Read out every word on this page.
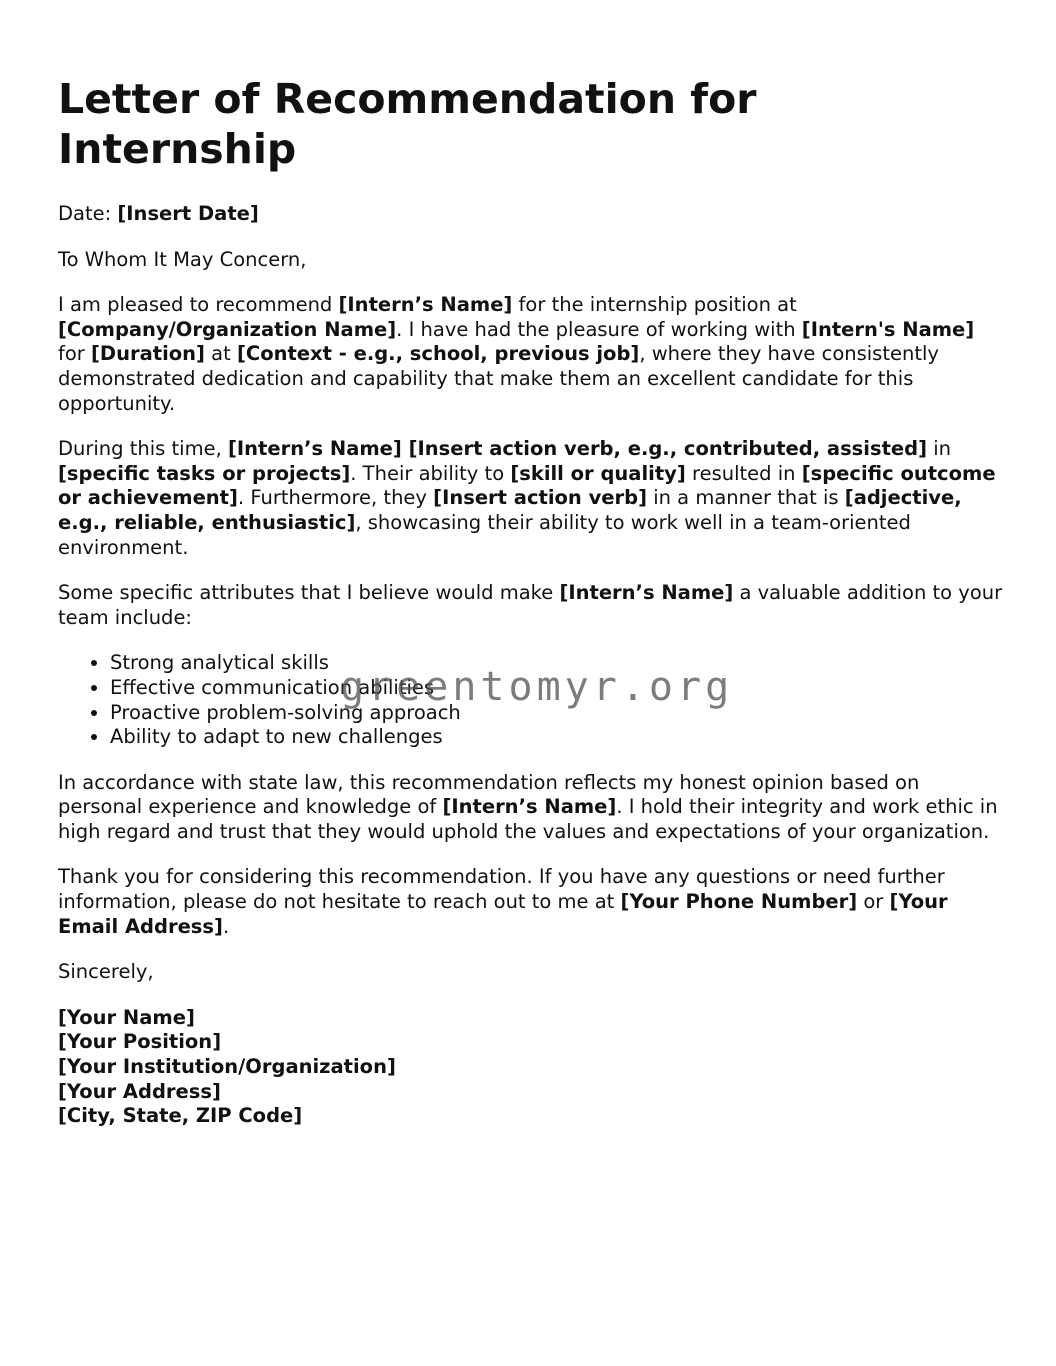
Letter of Recommendation for Internship

Date: [Insert Date]

To Whom It May Concern,

I am pleased to recommend [Intern’s Name] for the internship position at [Company/Organization Name]. I have had the pleasure of working with [Intern's Name] for [Duration] at [Context - e.g., school, previous job], where they have consistently demonstrated dedication and capability that make them an excellent candidate for this opportunity.

During this time, [Intern’s Name] [Insert action verb, e.g., contributed, assisted] in [specific tasks or projects]. Their ability to [skill or quality] resulted in [specific outcome or achievement]. Furthermore, they [Insert action verb] in a manner that is [adjective, e.g., reliable, enthusiastic], showcasing their ability to work well in a team-oriented environment.

Some specific attributes that I believe would make [Intern’s Name] a valuable addition to your team include:

• Strong analytical skills
• Effective communication abilities
• Proactive problem-solving approach
• Ability to adapt to new challenges

In accordance with state law, this recommendation reflects my honest opinion based on personal experience and knowledge of [Intern’s Name]. I hold their integrity and work ethic in high regard and trust that they would uphold the values and expectations of your organization.

Thank you for considering this recommendation. If you have any questions or need further information, please do not hesitate to reach out to me at [Your Phone Number] or [Your Email Address].

Sincerely,

[Your Name]
[Your Position]
[Your Institution/Organization]
[Your Address]
[City, State, ZIP Code]

greentomyr.org
